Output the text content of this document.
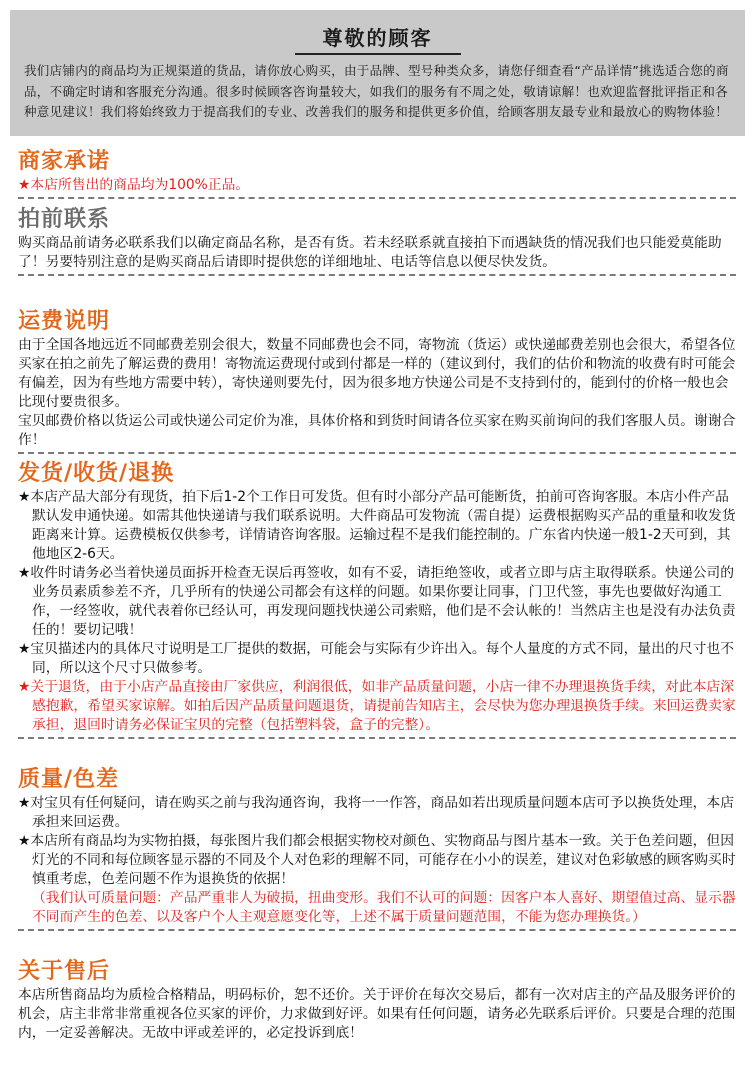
尊敬的顾客
我们店铺内的商品均为正规渠道的货品，请你放心购买，由于品牌、型号种类众多，请您仔细查看“产品详情”挑选适合您的商品，不确定时请和客服充分沟通。很多时候顾客咨询量较大，如我们的服务有不周之处，敬请谅解！也欢迎监督批评指正和各种意见建议！我们将始终致力于提高我们的专业、改善我们的服务和提供更多价值，给顾客朋友最专业和最放心的购物体验！
商家承诺

★本店所售出的商品均为100%正品。

拍前联系

购买商品前请务必联系我们以确定商品名称，是否有货。若未经联系就直接拍下而遇缺货的情况我们也只能爱莫能助了！另要特别注意的是购买商品后请即时提供您的详细地址、电话等信息以便尽快发货。

运费说明

由于全国各地远近不同邮费差别会很大，数量不同邮费也会不同，寄物流（货运）或快递邮费差别也会很大，希望各位买家在拍之前先了解运费的费用！寄物流运费现付或到付都是一样的（建议到付，我们的估价和物流的收费有时可能会有偏差，因为有些地方需要中转），寄快递则要先付，因为很多地方快递公司是不支持到付的，能到付的价格一般也会比现付要贵很多。

宝贝邮费价格以货运公司或快递公司定价为准，具体价格和到货时间请各位买家在购买前询问的我们客服人员。谢谢合作！

发货/收货/退换

★本店产品大部分有现货，拍下后1-2个工作日可发货。但有时小部分产品可能断货，拍前可咨询客服。本店小件产品默认发申通快递。如需其他快递请与我们联系说明。大件商品可发物流（需自提）运费根据购买产品的重量和收发货距离来计算。运费模板仅供参考，详情请咨询客服。运输过程不是我们能控制的。广东省内快递一般1-2天可到，其他地区2-6天。

★收件时请务必当着快递员面拆开检查无误后再签收，如有不妥，请拒绝签收，或者立即与店主取得联系。快递公司的业务员素质参差不齐，几乎所有的快递公司都会有这样的问题。如果你要让同事，门卫代签，事先也要做好沟通工作，一经签收，就代表着你已经认可，再发现问题找快递公司索赔，他们是不会认帐的！当然店主也是没有办法负责任的！要切记哦！

★宝贝描述内的具体尺寸说明是工厂提供的数据，可能会与实际有少许出入。每个人量度的方式不同，量出的尺寸也不同，所以这个尺寸只做参考。

★关于退货，由于小店产品直接由厂家供应，利润很低，如非产品质量问题，小店一律不办理退换货手续，对此本店深感抱歉，希望买家谅解。如拍后因产品质量问题退货，请提前告知店主，会尽快为您办理退换货手续。来回运费卖家承担，退回时请务必保证宝贝的完整（包括塑料袋，盒子的完整）。

质量/色差

★对宝贝有任何疑问，请在购买之前与我沟通咨询，我将一一作答，商品如若出现质量问题本店可予以换货处理，本店承担来回运费。

★本店所有商品均为实物拍摄，每张图片我们都会根据实物校对颜色、实物商品与图片基本一致。关于色差问题，但因灯光的不同和每位顾客显示器的不同及个人对色彩的理解不同，可能存在小小的误差，建议对色彩敏感的顾客购买时慎重考虑，色差问题不作为退换货的依据！

（我们认可质量问题：产品严重非人为破损，扭曲变形。我们不认可的问题：因客户本人喜好、期望值过高、显示器不同而产生的色差、以及客户个人主观意愿变化等，上述不属于质量问题范围，不能为您办理换货。）

关于售后

本店所售商品均为质检合格精品，明码标价，恕不还价。关于评价在每次交易后，都有一次对店主的产品及服务评价的机会，店主非常非常重视各位买家的评价，力求做到好评。如果有任何问题，请务必先联系后评价。只要是合理的范围内，一定妥善解决。无故中评或差评的，必定投诉到底！
